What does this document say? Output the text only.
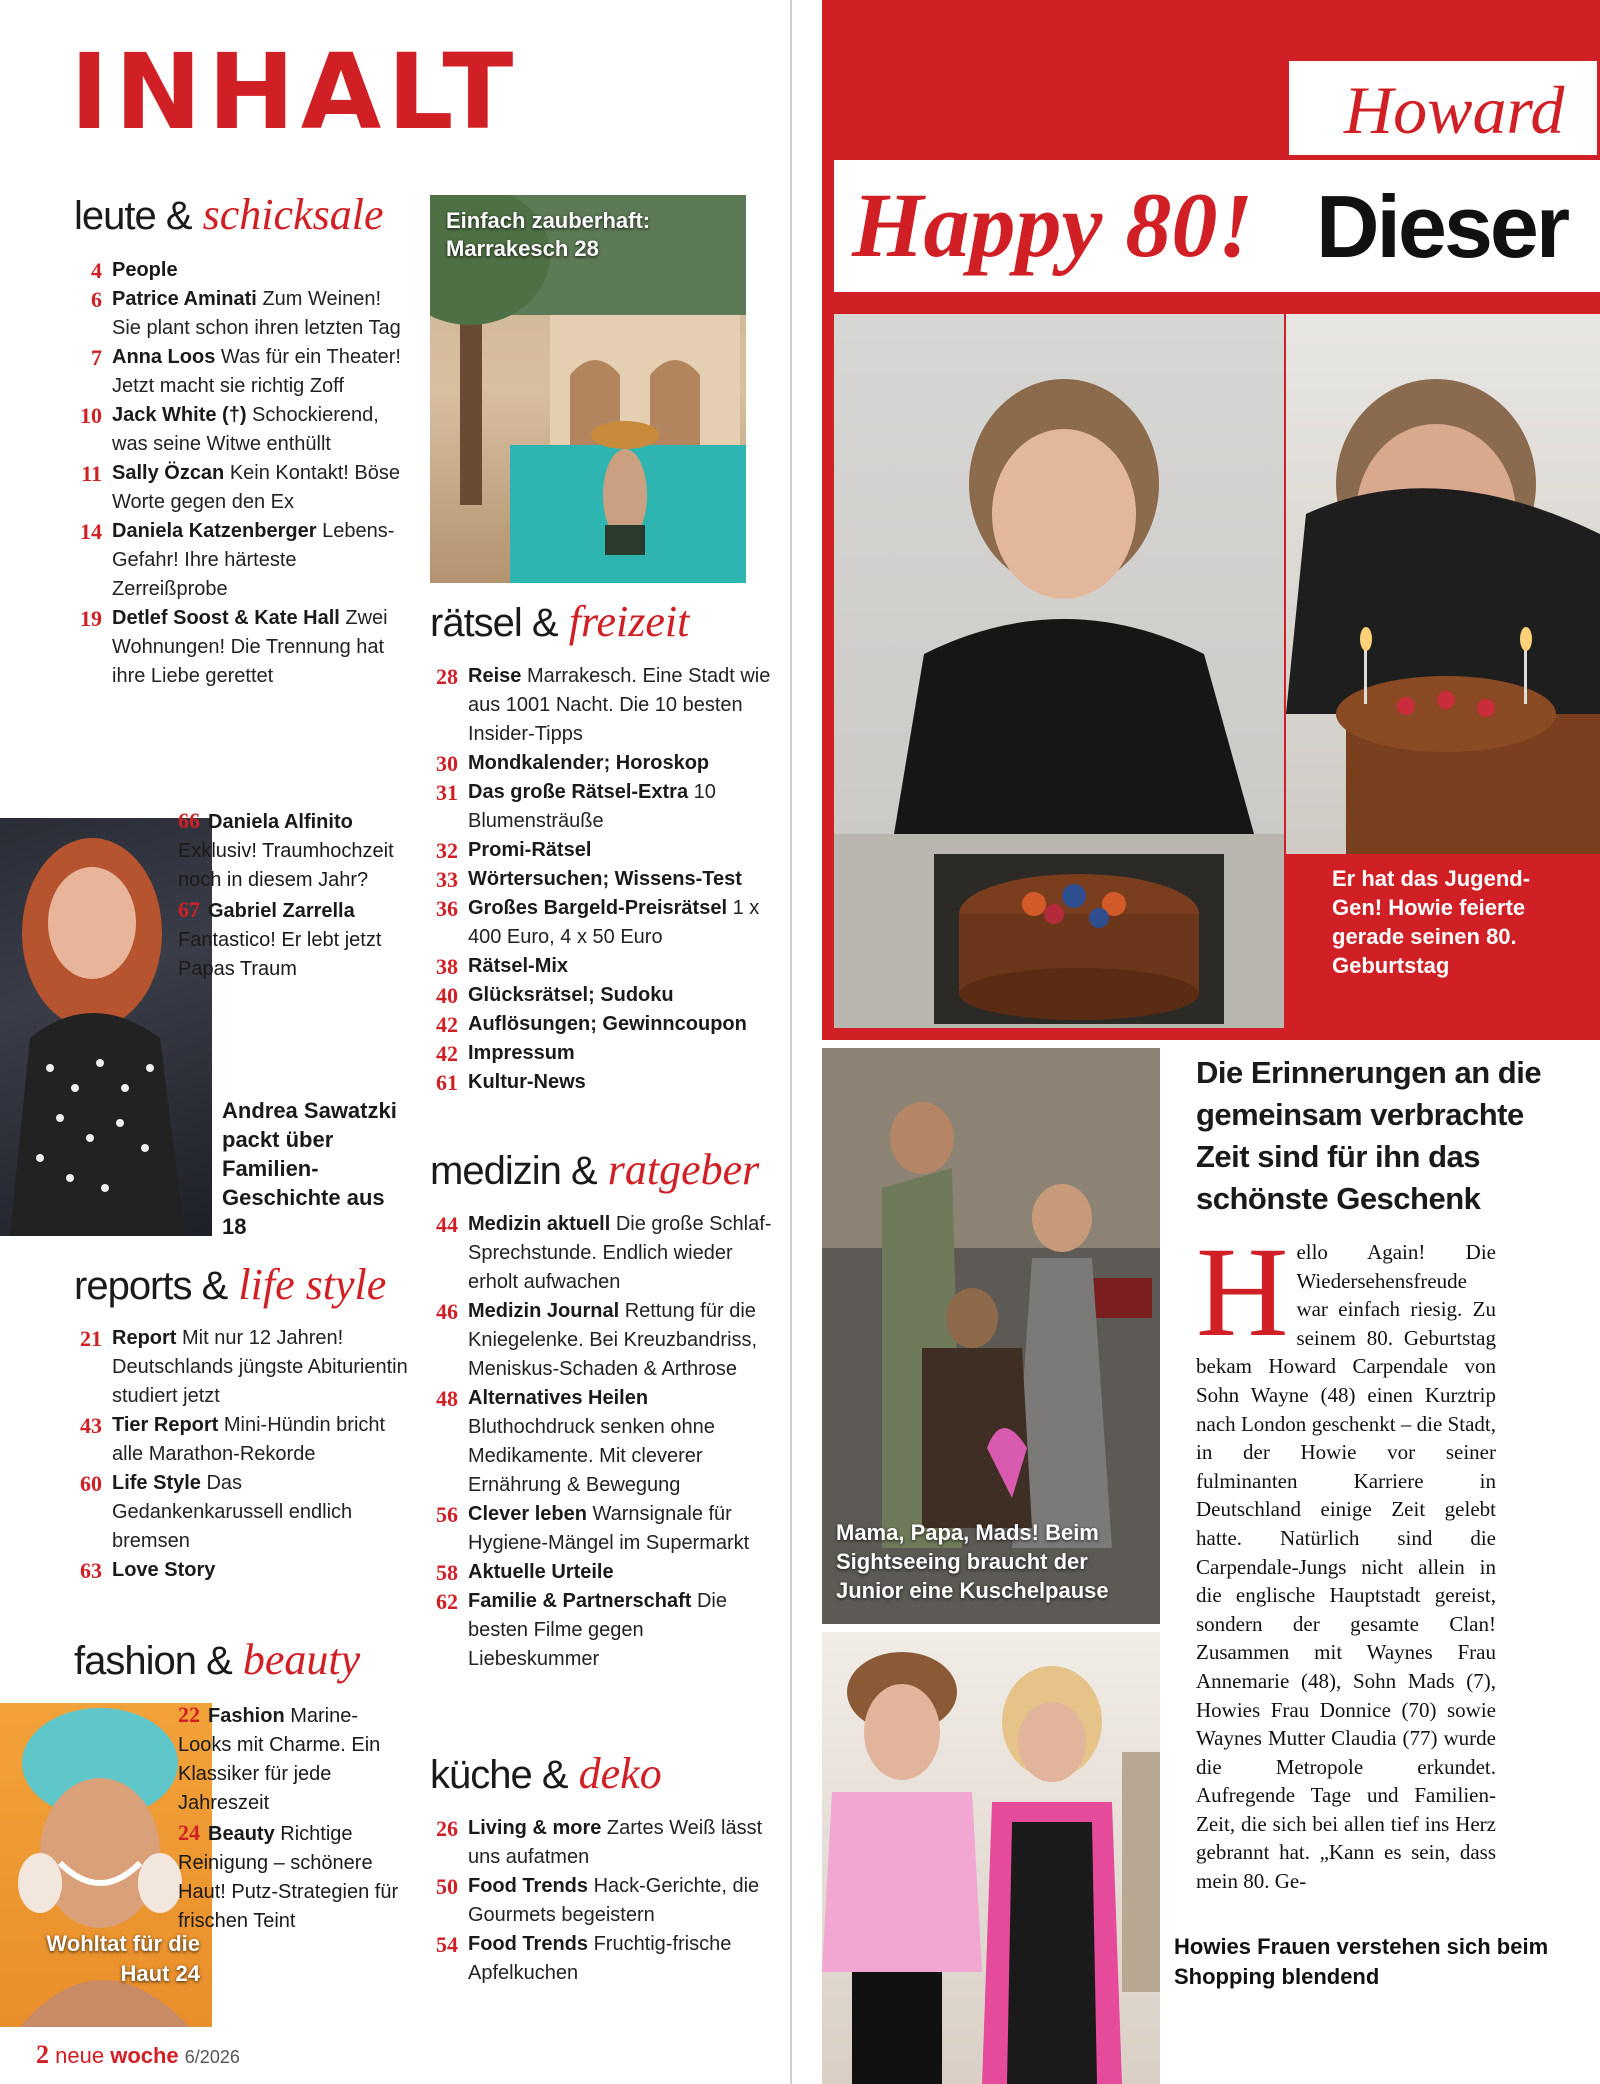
INHALT
leute & schicksale
4 People
6 Patrice Aminati Zum Weinen! Sie plant schon ihren letzten Tag
7 Anna Loos Was für ein Theater! Jetzt macht sie richtig Zoff
10 Jack White (†) Schockierend, was seine Witwe enthüllt
11 Sally Özcan Kein Kontakt! Böse Worte gegen den Ex
14 Daniela Katzenberger Lebens-Gefahr! Ihre härteste Zerreißprobe
19 Detlef Soost & Kate Hall Zwei Wohnungen! Die Trennung hat ihre Liebe gerettet
66 Daniela Alfinito Exklusiv! Traumhochzeit noch in diesem Jahr?
67 Gabriel Zarrella Fantastico! Er lebt jetzt Papas Traum
Andrea Sawatzki packt über Familien-Geschichte aus 18
reports & life style
21 Report Mit nur 12 Jahren! Deutschlands jüngste Abiturientin studiert jetzt
43 Tier Report Mini-Hündin bricht alle Marathon-Rekorde
60 Life Style Das Gedankenkarussell endlich bremsen
63 Love Story
fashion & beauty
Wohltat für die Haut 24
22 Fashion Marine-Looks mit Charme. Ein Klassiker für jede Jahreszeit
24 Beauty Richtige Reinigung – schönere Haut! Putz-Strategien für frischen Teint
Einfach zauberhaft: Marrakesch 28
rätsel & freizeit
28 Reise Marrakesch. Eine Stadt wie aus 1001 Nacht. Die 10 besten Insider-Tipps
30 Mondkalender; Horoskop
31 Das große Rätsel-Extra 10 Blumensträuße
32 Promi-Rätsel
33 Wörtersuchen; Wissens-Test
36 Großes Bargeld-Preisrätsel 1 x 400 Euro, 4 x 50 Euro
38 Rätsel-Mix
40 Glücksrätsel; Sudoku
42 Auflösungen; Gewinncoupon
42 Impressum
61 Kultur-News
medizin & ratgeber
44 Medizin aktuell Die große Schlaf-Sprechstunde. Endlich wieder erholt aufwachen
46 Medizin Journal Rettung für die Kniegelenke. Bei Kreuzbandriss, Meniskus-Schaden & Arthrose
48 Alternatives Heilen Bluthochdruck senken ohne Medikamente. Mit cleverer Ernährung & Bewegung
56 Clever leben Warnsignale für Hygiene-Mängel im Supermarkt
58 Aktuelle Urteile
62 Familie & Partnerschaft Die besten Filme gegen Liebeskummer
küche & deko
26 Living & more Zartes Weiß lässt uns aufatmen
50 Food Trends Hack-Gerichte, die Gourmets begeistern
54 Food Trends Fruchtig-frische Apfelkuchen
2 neue woche 6/2026
Howard
Happy 80! Dieser
Er hat das Jugend-Gen! Howie feierte gerade seinen 80. Geburtstag
Mama, Papa, Mads! Beim Sightseeing braucht der Junior eine Kuschelpause
Die Erinnerungen an die gemeinsam verbrachte Zeit sind für ihn das schönste Geschenk
H ello Again! Die Wiedersehensfreude war einfach riesig. Zu seinem 80. Geburtstag bekam Howard Carpendale von Sohn Wayne (48) einen Kurztrip nach London geschenkt – die Stadt, in der Howie vor seiner fulminanten Karriere in Deutschland einige Zeit gelebt hatte. Natürlich sind die Carpendale-Jungs nicht allein in die englische Hauptstadt gereist, sondern der gesamte Clan! Zusammen mit Waynes Frau Annemarie (48), Sohn Mads (7), Howies Frau Donnice (70) sowie Waynes Mutter Claudia (77) wurde die Metropole erkundet. Aufregende Tage und Familien-Zeit, die sich bei allen tief ins Herz gebrannt hat. „Kann es sein, dass mein 80. Ge-
Howies Frauen verstehen sich beim Shopping blendend
